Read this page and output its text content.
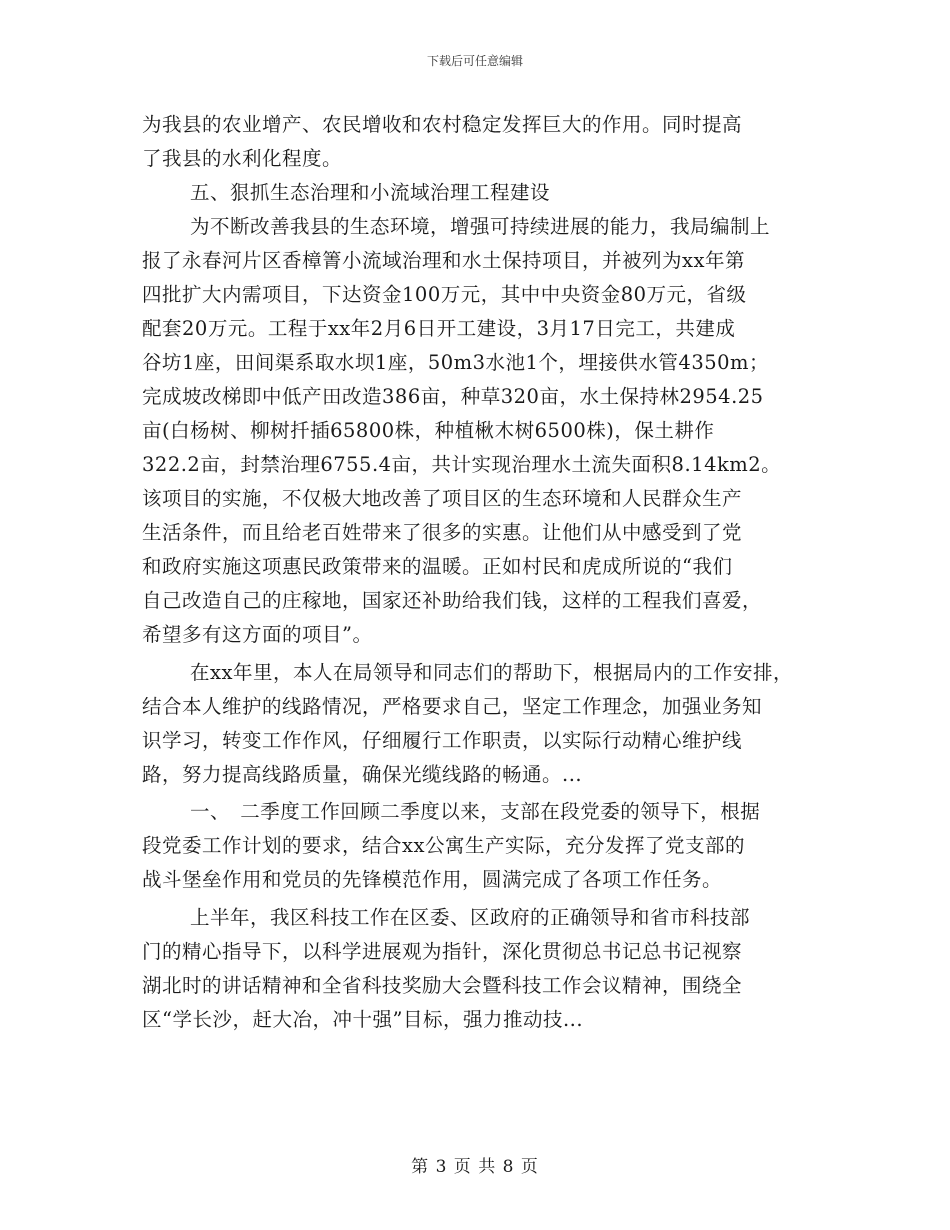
下载后可任意编辑
为我县的农业增产、农民增收和农村稳定发挥巨大的作用。同时提高
了我县的水利化程度。
五、狠抓生态治理和小流域治理工程建设
为不断改善我县的生态环境，增强可持续进展的能力，我局编制上
报了永春河片区香樟箐小流域治理和水土保持项目，并被列为xx年第
四批扩大内需项目，下达资金100万元，其中中央资金80万元，省级
配套20万元。工程于xx年2月6日开工建设，3月17日完工，共建成
谷坊1座，田间渠系取水坝1座，50m3水池1个，埋接供水管4350m；
完成坡改梯即中低产田改造386亩，种草320亩，水土保持林2954.25
亩(白杨树、柳树扦插65800株，种植楸木树6500株)，保土耕作
322.2亩，封禁治理6755.4亩，共计实现治理水土流失面积8.14km2。
该项目的实施，不仅极大地改善了项目区的生态环境和人民群众生产
生活条件，而且给老百姓带来了很多的实惠。让他们从中感受到了党
和政府实施这项惠民政策带来的温暖。正如村民和虎成所说的“我们
自己改造自己的庄稼地，国家还补助给我们钱，这样的工程我们喜爱，
希望多有这方面的项目”。
在xx年里，本人在局领导和同志们的帮助下，根据局内的工作安排，
结合本人维护的线路情况，严格要求自己，坚定工作理念，加强业务知
识学习，转变工作作风，仔细履行工作职责，以实际行动精心维护线
路，努力提高线路质量，确保光缆线路的畅通。...
一、　二季度工作回顾二季度以来，支部在段党委的领导下，根据
段党委工作计划的要求，结合xx公寓生产实际，充分发挥了党支部的
战斗堡垒作用和党员的先锋模范作用，圆满完成了各项工作任务。
上半年，我区科技工作在区委、区政府的正确领导和省市科技部
门的精心指导下，以科学进展观为指针，深化贯彻总书记总书记视察
湖北时的讲话精神和全省科技奖励大会暨科技工作会议精神，围绕全
区“学长沙，赶大冶，冲十强”目标，强力推动技...
第 3 页 共 8 页
